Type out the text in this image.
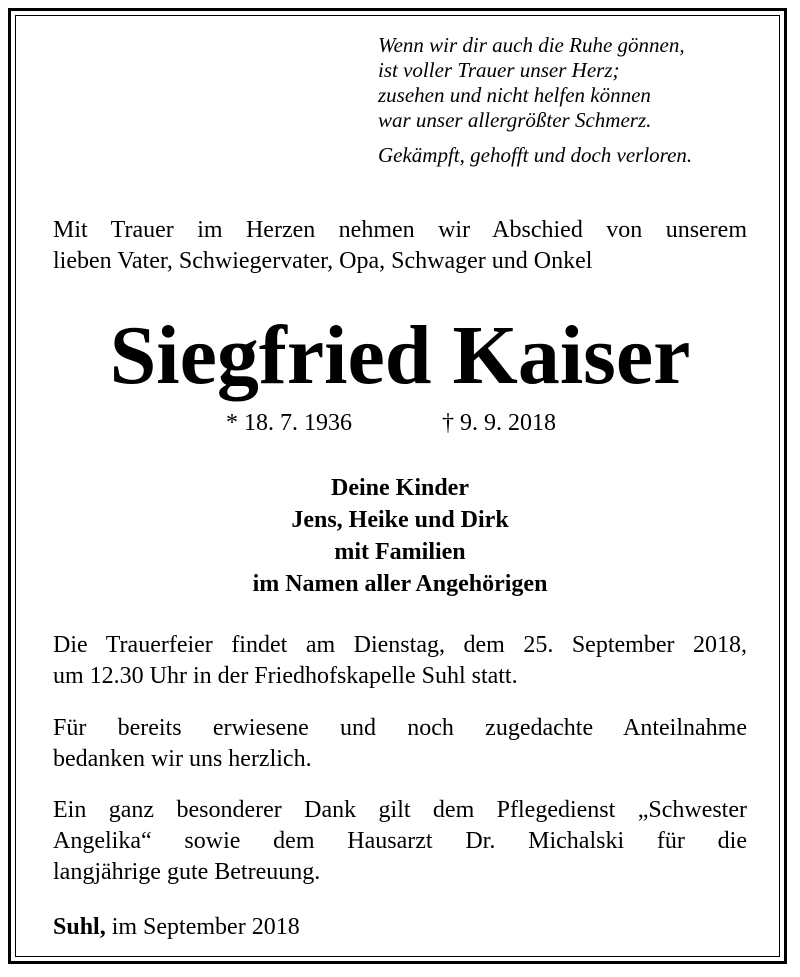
Wenn wir dir auch die Ruhe gönnen,
ist voller Trauer unser Herz;
zusehen und nicht helfen können
war unser allergrößter Schmerz.
Gekämpft, gehofft und doch verloren.
Mit Trauer im Herzen nehmen wir Abschied von unserem
lieben Vater, Schwiegervater, Opa, Schwager und Onkel
Siegfried Kaiser
* 18. 7. 1936	† 9. 9. 2018
Deine Kinder
Jens, Heike und Dirk
mit Familien
im Namen aller Angehörigen
Die Trauerfeier findet am Dienstag, dem 25. September 2018,
um 12.30 Uhr in der Friedhofskapelle Suhl statt.
Für bereits erwiesene und noch zugedachte Anteilnahme
bedanken wir uns herzlich.
Ein ganz besonderer Dank gilt dem Pflegedienst „Schwester
Angelika“ sowie dem Hausarzt Dr. Michalski für die
langjährige gute Betreuung.
Suhl, im September 2018
